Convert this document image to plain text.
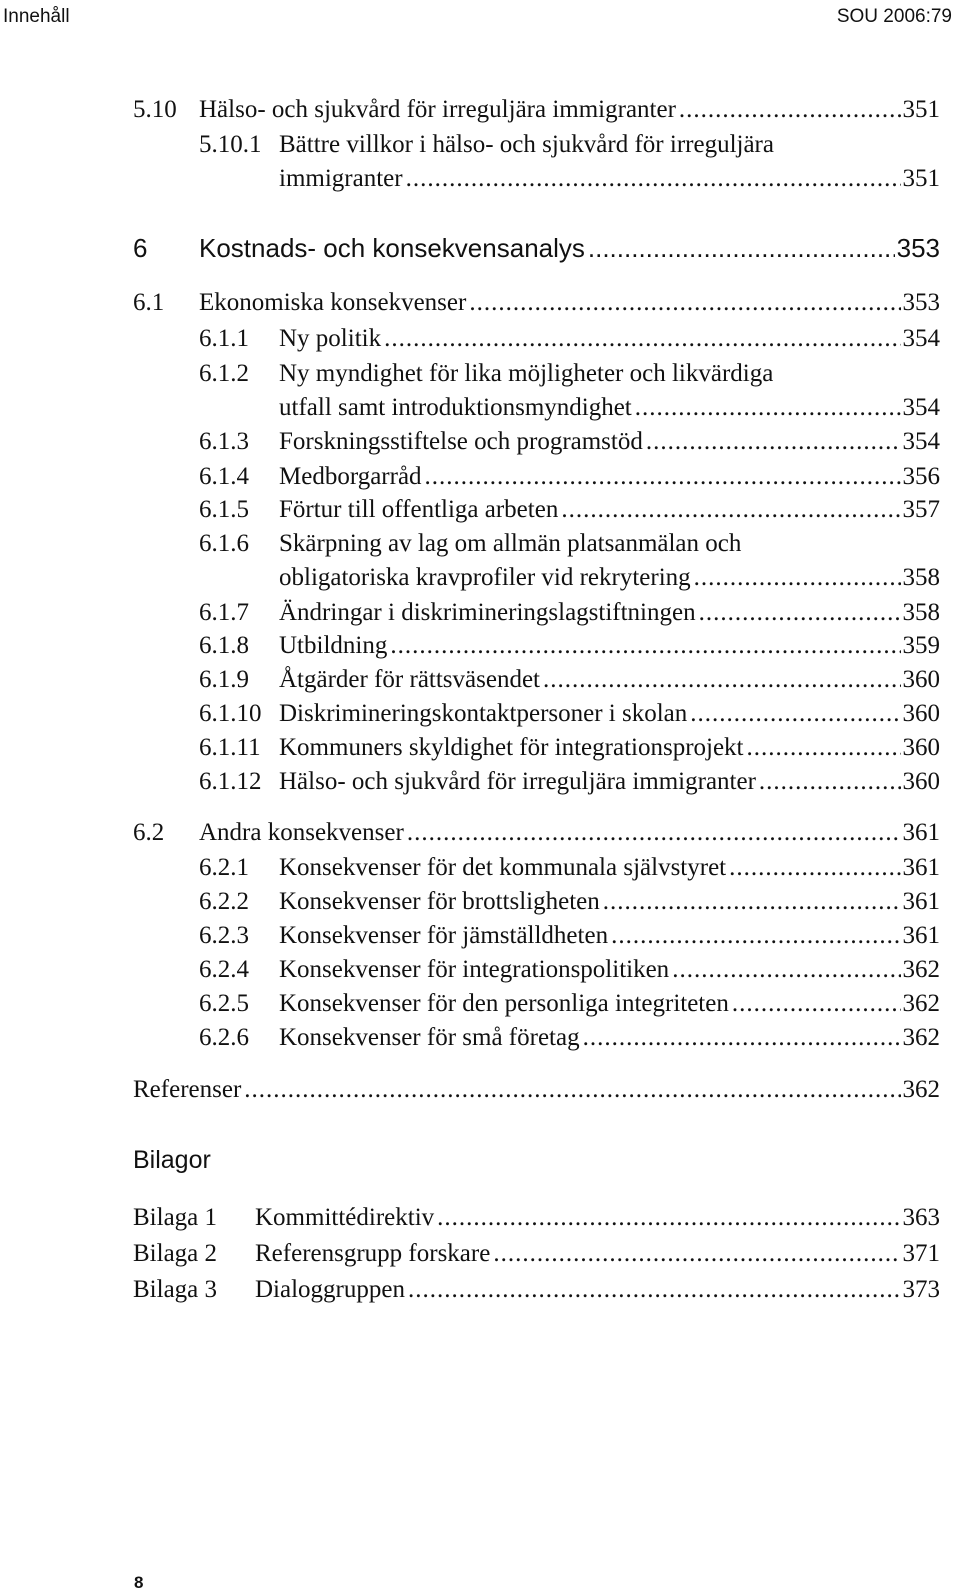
Innehåll	SOU 2006:79
5.10 Hälso- och sjukvård för irreguljära immigranter .....	351
5.10.1 Bättre villkor i hälso- och sjukvård för irreguljära
immigranter .....	351
6 Kostnads- och konsekvensanalys .....	353
6.1 Ekonomiska konsekvenser .....	353
6.1.1 Ny politik .....	354
6.1.2 Ny myndighet för lika möjligheter och likvärdiga
utfall samt introduktionsmyndighet .....	354
6.1.3 Forskningsstiftelse och programstöd .....	354
6.1.4 Medborgarråd .....	356
6.1.5 Förtur till offentliga arbeten .....	357
6.1.6 Skärpning av lag om allmän platsanmälan och
obligatoriska kravprofiler vid rekrytering .....	358
6.1.7 Ändringar i diskrimineringslagstiftningen .....	358
6.1.8 Utbildning .....	359
6.1.9 Åtgärder för rättsväsendet .....	360
6.1.10 Diskrimineringskontaktpersoner i skolan .....	360
6.1.11 Kommuners skyldighet för integrationsprojekt .....	360
6.1.12 Hälso- och sjukvård för irreguljära immigranter .....	360
6.2 Andra konsekvenser .....	361
6.2.1 Konsekvenser för det kommunala självstyret .....	361
6.2.2 Konsekvenser för brottsligheten .....	361
6.2.3 Konsekvenser för jämställdheten .....	361
6.2.4 Konsekvenser för integrationspolitiken .....	362
6.2.5 Konsekvenser för den personliga integriteten .....	362
6.2.6 Konsekvenser för små företag .....	362
Referenser .....	362
Bilaga 1 Kommittédirektiv .....	363
Bilaga 2 Referensgrupp forskare .....	371
Bilaga 3 Dialoggruppen .....	373
Bilagor
8
